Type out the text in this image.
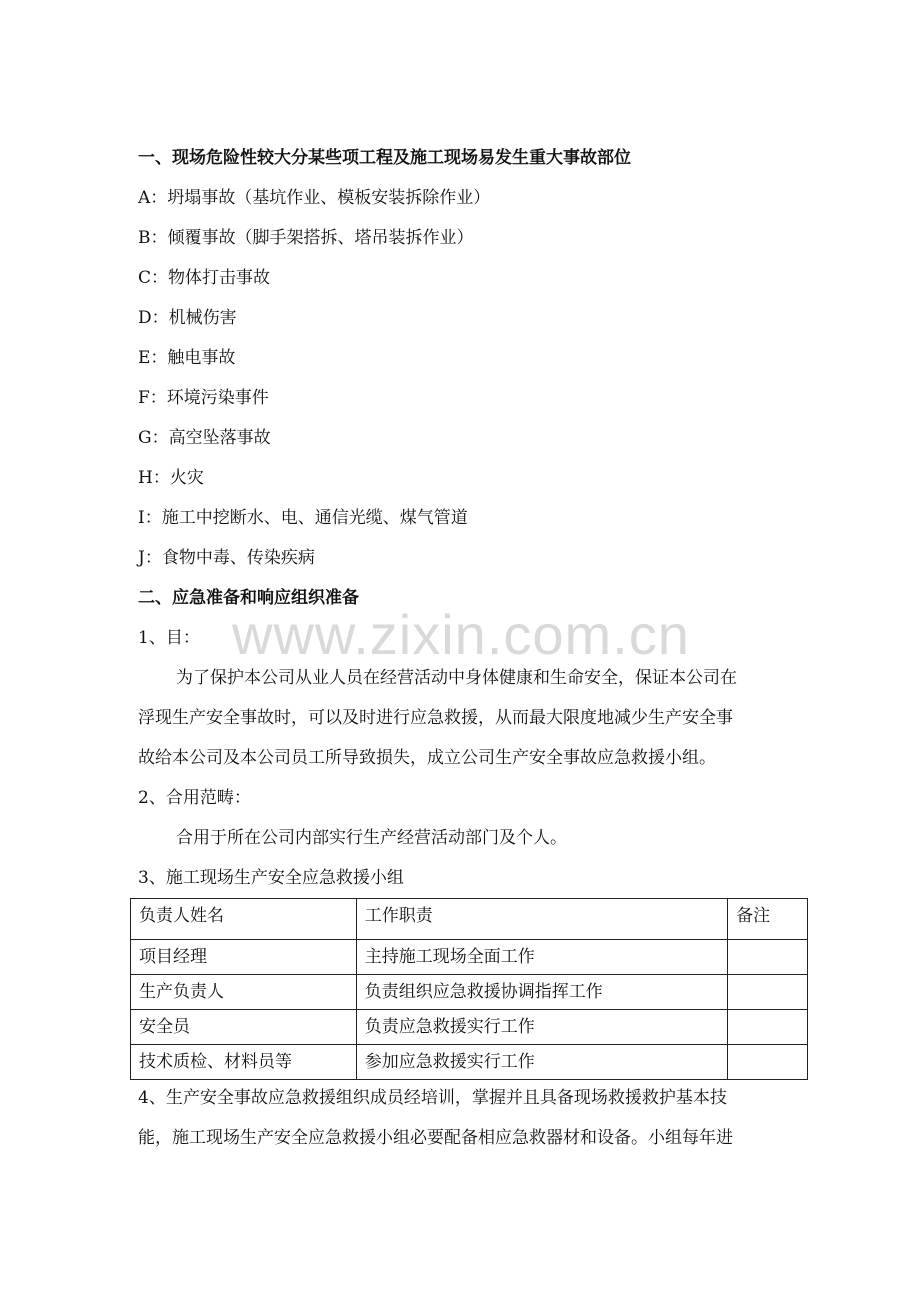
www.zixin.com.cn
一、现场危险性较大分某些项工程及施工现场易发生重大事故部位
A：坍塌事故（基坑作业、模板安装拆除作业）
B：倾覆事故（脚手架搭拆、塔吊装拆作业）
C：物体打击事故
D：机械伤害
E：触电事故
F：环境污染事件
G：高空坠落事故
H：火灾
I：施工中挖断水、电、通信光缆、煤气管道
J：食物中毒、传染疾病
二、应急准备和响应组织准备
1、目：
为了保护本公司从业人员在经营活动中身体健康和生命安全，保证本公司在
浮现生产安全事故时，可以及时进行应急救援，从而最大限度地减少生产安全事
故给本公司及本公司员工所导致损失，成立公司生产安全事故应急救援小组。
2、合用范畴：
合用于所在公司内部实行生产经营活动部门及个人。
3、施工现场生产安全应急救援小组
负责人姓名	工作职责	备注
项目经理	主持施工现场全面工作	
生产负责人	负责组织应急救援协调指挥工作	
安全员	负责应急救援实行工作	
技术质检、材料员等	参加应急救援实行工作	
4、生产安全事故应急救援组织成员经培训，掌握并且具备现场救援救护基本技
能，施工现场生产安全应急救援小组必要配备相应急救器材和设备。小组每年进
